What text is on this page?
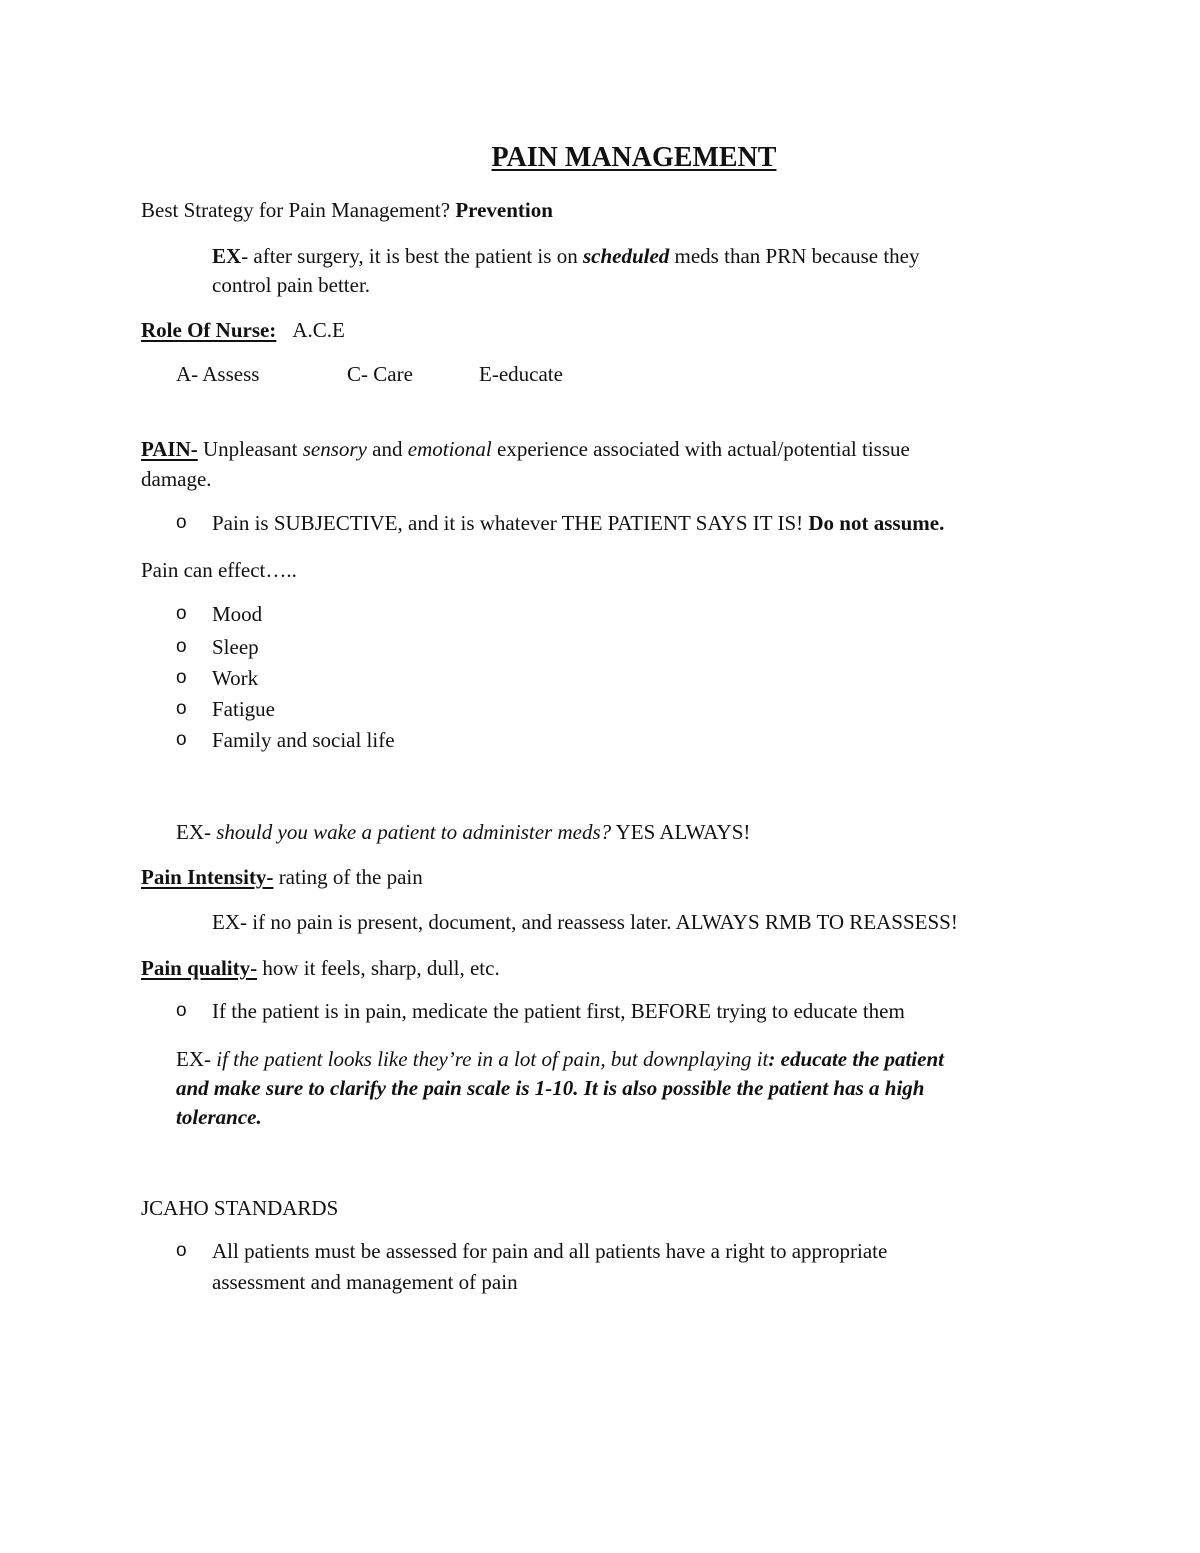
PAIN MANAGEMENT
Best Strategy for Pain Management? Prevention
EX- after surgery, it is best the patient is on scheduled meds than PRN because they
control pain better.
Role Of Nurse: A.C.E
A- Assess	C- Care	E-educate
PAIN- Unpleasant sensory and emotional experience associated with actual/potential tissue
damage.
o Pain is SUBJECTIVE, and it is whatever THE PATIENT SAYS IT IS! Do not assume.
Pain can effect…..
o Mood
o Sleep
o Work
o Fatigue
o Family and social life
EX- should you wake a patient to administer meds? YES ALWAYS!
Pain Intensity- rating of the pain
EX- if no pain is present, document, and reassess later. ALWAYS RMB TO REASSESS!
Pain quality- how it feels, sharp, dull, etc.
o If the patient is in pain, medicate the patient first, BEFORE trying to educate them
EX- if the patient looks like they’re in a lot of pain, but downplaying it: educate the patient
and make sure to clarify the pain scale is 1-10. It is also possible the patient has a high
tolerance.
JCAHO STANDARDS
o All patients must be assessed for pain and all patients have a right to appropriate
assessment and management of pain
